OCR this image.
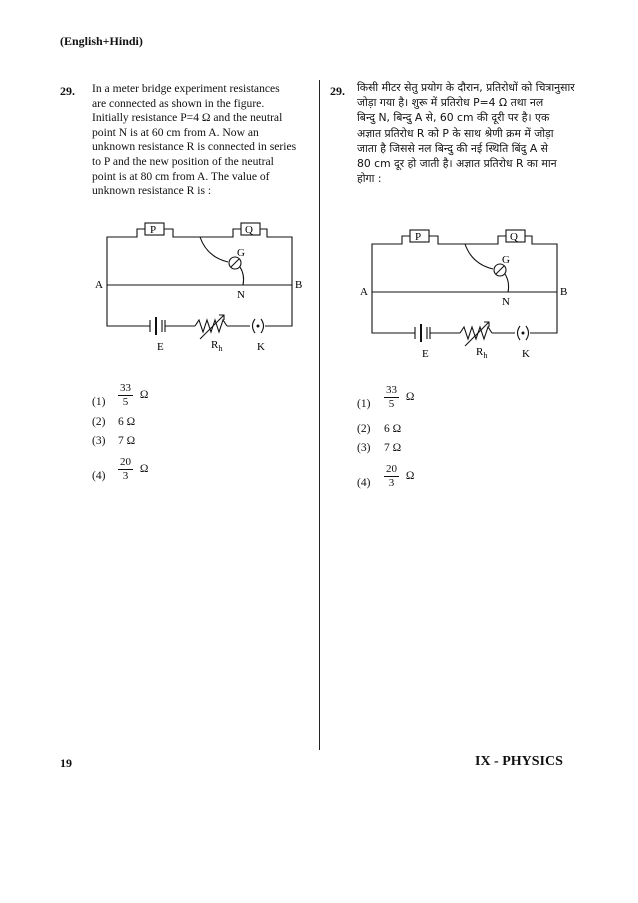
(English+Hindi)
29. In a meter bridge experiment resistances
are connected as shown in the figure.
Initially resistance P=4 Ω and the neutral
point N is at 60 cm from A. Now an
unknown resistance R is connected in series
to P and the new position of the neutral
point is at 80 cm from A. The value of
unknown resistance R is :
P	Q
G
A	B
N
E	$R_h$	K
$(1) \frac{33}{5}$ Ω
(2) 6 Ω
(3) 7 Ω
$(4) \frac{20}{3}$ Ω
29. किसी मीटर सेतु प्रयोग के दौरान, प्रतिरोधों को चित्रानुसार
जोड़ा गया है। शुरू में प्रतिरोध P=4 Ω तथा नल
बिन्दु N, बिन्दु A से, 60 cm की दूरी पर है। एक
अज्ञात प्रतिरोध R को P के साथ श्रेणी क्रम में जोड़ा
जाता है जिससे नल बिन्दु की नई स्थिति बिंदु A से
80 cm दूर हो जाती है। अज्ञात प्रतिरोध R का मान
होगा :
P	Q
G
A	B
N
E	$R_h$	K
$(1) \frac{33}{5}$ Ω
(2) 6 Ω
(3) 7 Ω
$(4) \frac{20}{3}$ Ω
19	IX - PHYSICS
